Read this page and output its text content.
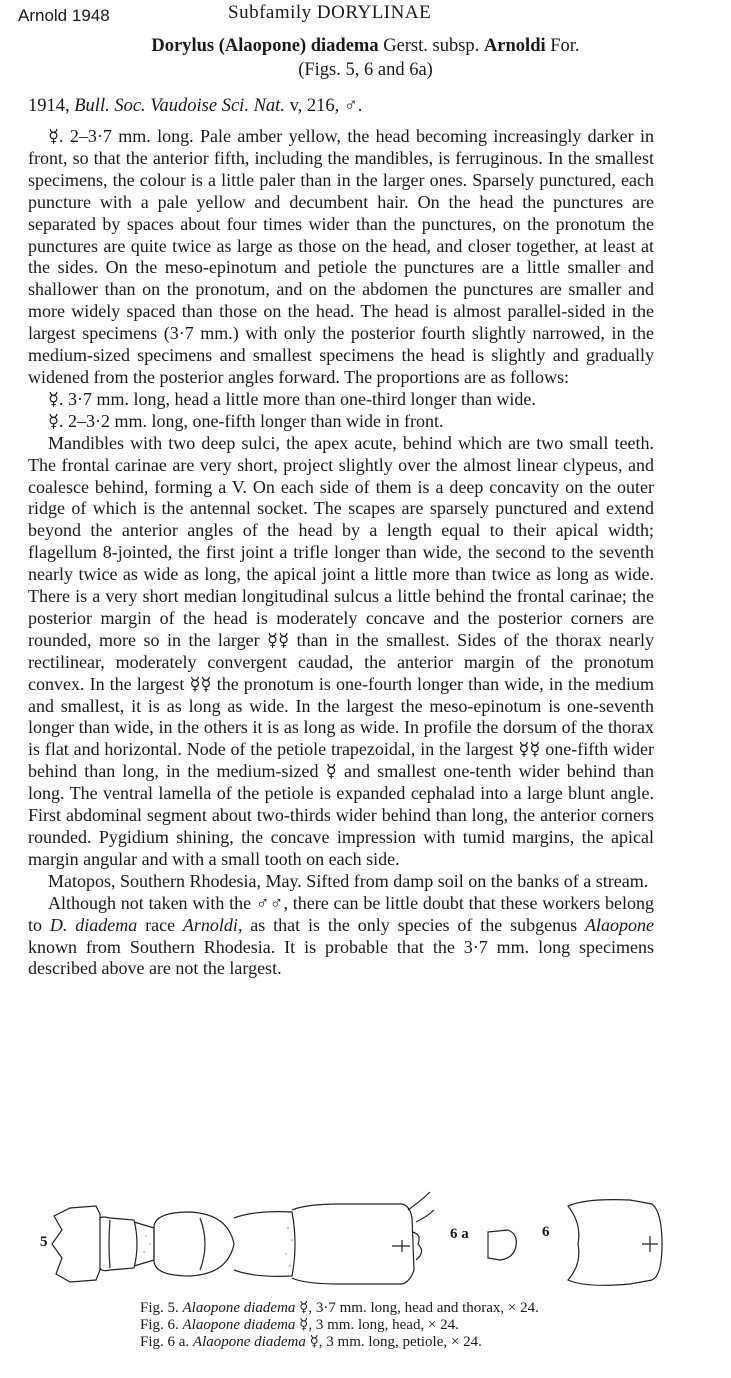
Arnold 1948	Subfamily DORYLINAE
Dorylus (Alaopone) diadema Gerst. subsp. Arnoldi For.
(Figs. 5, 6 and 6a)
1914, Bull. Soc. Vaudoise Sci. Nat. v, 216, ♂.

☿. 2–3·7 mm. long. Pale amber yellow, the head becoming increasingly darker in front, so that the anterior fifth, including the mandibles, is ferruginous. In the smallest specimens, the colour is a little paler than in the larger ones. Sparsely punctured, each puncture with a pale yellow and decumbent hair. On the head the punctures are separated by spaces about four times wider than the punctures, on the pronotum the punctures are quite twice as large as those on the head, and closer together, at least at the sides. On the meso-epinotum and petiole the punctures are a little smaller and shallower than on the pronotum, and on the abdomen the punctures are smaller and more widely spaced than those on the head. The head is almost parallel-sided in the largest specimens (3·7 mm.) with only the posterior fourth slightly narrowed, in the medium-sized specimens and smallest specimens the head is slightly and gradually widened from the posterior angles forward. The proportions are as follows:

☿. 3·7 mm. long, head a little more than one-third longer than wide.

☿. 2–3·2 mm. long, one-fifth longer than wide in front.

Mandibles with two deep sulci, the apex acute, behind which are two small teeth. The frontal carinae are very short, project slightly over the almost linear clypeus, and coalesce behind, forming a V. On each side of them is a deep concavity on the outer ridge of which is the antennal socket. The scapes are sparsely punctured and extend beyond the anterior angles of the head by a length equal to their apical width; flagellum 8-jointed, the first joint a trifle longer than wide, the second to the seventh nearly twice as wide as long, the apical joint a little more than twice as long as wide. There is a very short median longitudinal sulcus a little behind the frontal carinae; the posterior margin of the head is moderately concave and the posterior corners are rounded, more so in the larger ☿☿ than in the smallest. Sides of the thorax nearly rectilinear, moderately convergent caudad, the anterior margin of the pronotum convex. In the largest ☿☿ the pronotum is one-fourth longer than wide, in the medium and smallest, it is as long as wide. In the largest the meso-epinotum is one-seventh longer than wide, in the others it is as long as wide. In profile the dorsum of the thorax is flat and horizontal. Node of the petiole trapezoidal, in the largest ☿☿ one-fifth wider behind than long, in the medium-sized ☿ and smallest one-tenth wider behind than long. The ventral lamella of the petiole is expanded cephalad into a large blunt angle. First abdominal segment about two-thirds wider behind than long, the anterior corners rounded. Pygidium shining, the concave impression with tumid margins, the apical margin angular and with a small tooth on each side.

Matopos, Southern Rhodesia, May. Sifted from damp soil on the banks of a stream.

Although not taken with the ♂♂, there can be little doubt that these workers belong to D. diadema race Arnoldi, as that is the only species of the subgenus Alaopone known from Southern Rhodesia. It is probable that the 3·7 mm. long specimens described above are not the largest.

5	6 a	6
Fig. 5. Alaopone diadema ☿, 3·7 mm. long, head and thorax, × 24.
Fig. 6. Alaopone diadema ☿, 3 mm. long, head, × 24.
Fig. 6 a. Alaopone diadema ☿, 3 mm. long, petiole, × 24.
